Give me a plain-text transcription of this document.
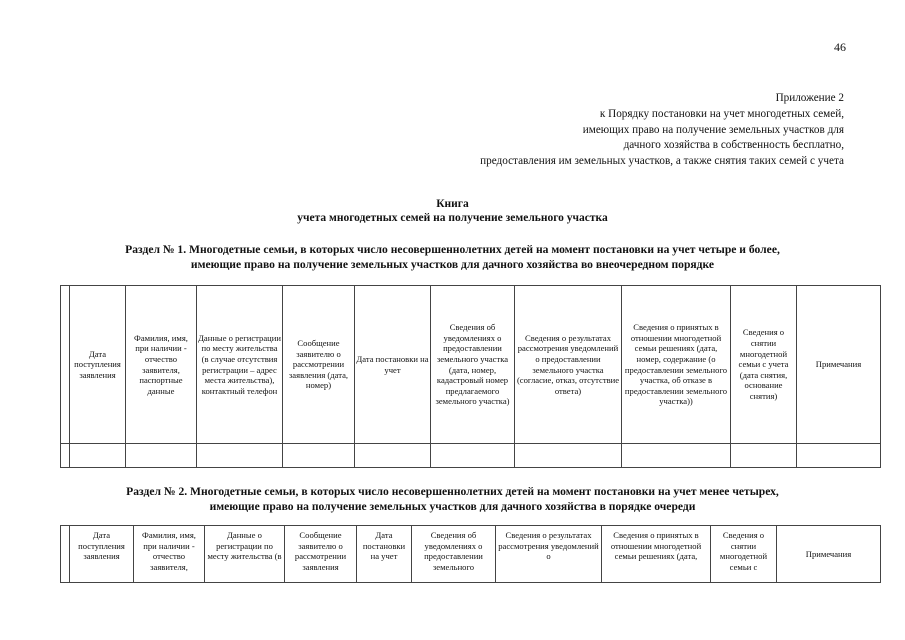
46
Приложение 2
к Порядку постановки на учет многодетных семей,
имеющих право на получение земельных участков для
дачного хозяйства в собственность бесплатно,
предоставления им земельных участков, а также снятия таких семей с учета
Книга
учета многодетных семей на получение земельного участка
Раздел № 1. Многодетные семьи, в которых число несовершеннолетних детей на момент постановки на учет четыре и более,
имеющие право на получение земельных участков для дачного хозяйства во внеочередном порядке
	Дата поступления заявления	Фамилия, имя, при наличии - отчество заявителя, паспортные данные	Данные о регистрации по месту жительства (в случае отсутствия регистрации – адрес места жительства), контактный телефон	Сообщение заявителю о рассмотрении заявления (дата, номер)	Дата постановки на учет	Сведения об уведомлениях о предоставлении земельного участка (дата, номер, кадастровый номер предлагаемого земельного участка)	Сведения о результатах рассмотрения уведомлений о предоставлении земельного участка (согласие, отказ, отсутствие ответа)	Сведения о принятых в отношении многодетной семьи решениях (дата, номер, содержание (о предоставлении земельного участка, об отказе в предоставлении земельного участка))	Сведения о снятии многодетной семьи с учета (дата снятия, основание снятия)	Примечания

Раздел № 2. Многодетные семьи, в которых число несовершеннолетних детей на момент постановки на учет менее четырех,
имеющие право на получение земельных участков для дачного хозяйства в порядке очереди
	Дата поступления заявления	Фамилия, имя, при наличии - отчество заявителя,	Данные о регистрации по месту жительства (в	Сообщение заявителю о рассмотрении заявления	Дата постановки на учет	Сведения об уведомлениях о предоставлении земельного	Сведения о результатах рассмотрения уведомлений о	Сведения о принятых в отношении многодетной семьи решениях (дата,	Сведения о снятии многодетной семьи с	Примечания
